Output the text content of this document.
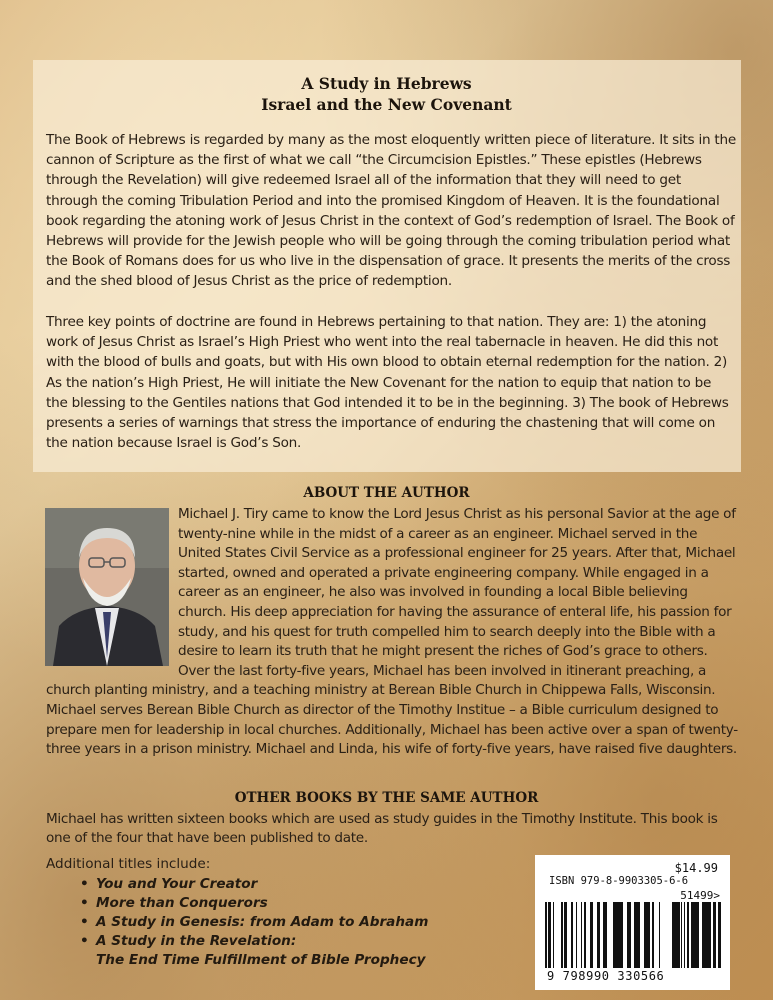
A Study in Hebrews
Israel and the New Covenant

The Book of Hebrews is regarded by many as the most eloquently written piece of literature. It sits in the cannon of Scripture as the first of what we call “the Circumcision Epistles.” These epistles (Hebrews through the Revelation) will give redeemed Israel all of the information that they will need to get through the coming Tribulation Period and into the promised Kingdom of Heaven. It is the foundational book regarding the atoning work of Jesus Christ in the context of God’s redemption of Israel. The Book of Hebrews will provide for the Jewish people who will be going through the coming tribulation period what the Book of Romans does for us who live in the dispensation of grace. It presents the merits of the cross and the shed blood of Jesus Christ as the price of redemption.

Three key points of doctrine are found in Hebrews pertaining to that nation. They are: 1) the atoning work of Jesus Christ as Israel’s High Priest who went into the real tabernacle in heaven. He did this not with the blood of bulls and goats, but with His own blood to obtain eternal redemption for the nation. 2) As the nation’s High Priest, He will initiate the New Covenant for the nation to equip that nation to be the blessing to the Gentiles nations that God intended it to be in the beginning. 3) The book of Hebrews presents a series of warnings that stress the importance of enduring the chastening that will come on the nation because Israel is God’s Son.

ABOUT THE AUTHOR

Michael J. Tiry came to know the Lord Jesus Christ as his personal Savior at the age of twenty-nine while in the midst of a career as an engineer. Michael served in the United States Civil Service as a professional engineer for 25 years. After that, Michael started, owned and operated a private engineering company. While engaged in a career as an engineer, he also was involved in founding a local Bible believing church. His deep appreciation for having the assurance of enteral life, his passion for study, and his quest for truth compelled him to search deeply into the Bible with a desire to learn its truth that he might present the riches of God’s grace to others. Over the last forty-five years, Michael has been involved in itinerant preaching, a church planting ministry, and a teaching ministry at Berean Bible Church in Chippewa Falls, Wisconsin. Michael serves Berean Bible Church as director of the Timothy Institue – a Bible curriculum designed to prepare men for leadership in local churches. Additionally, Michael has been active over a span of twenty-three years in a prison ministry. Michael and Linda, his wife of forty-five years, have raised five daughters.

OTHER BOOKS BY THE SAME AUTHOR

Michael has written sixteen books which are used as study guides in the Timothy Institute. This book is one of the four that have been published to date.

Additional titles include:

• You and Your Creator
• More than Conquerors
• A Study in Genesis: from Adam to Abraham
• A Study in the Revelation:
The End Time Fulfillment of Bible Prophecy
$14.99
ISBN 979-8-9903305-6-6
51499>
9 798990 330566
